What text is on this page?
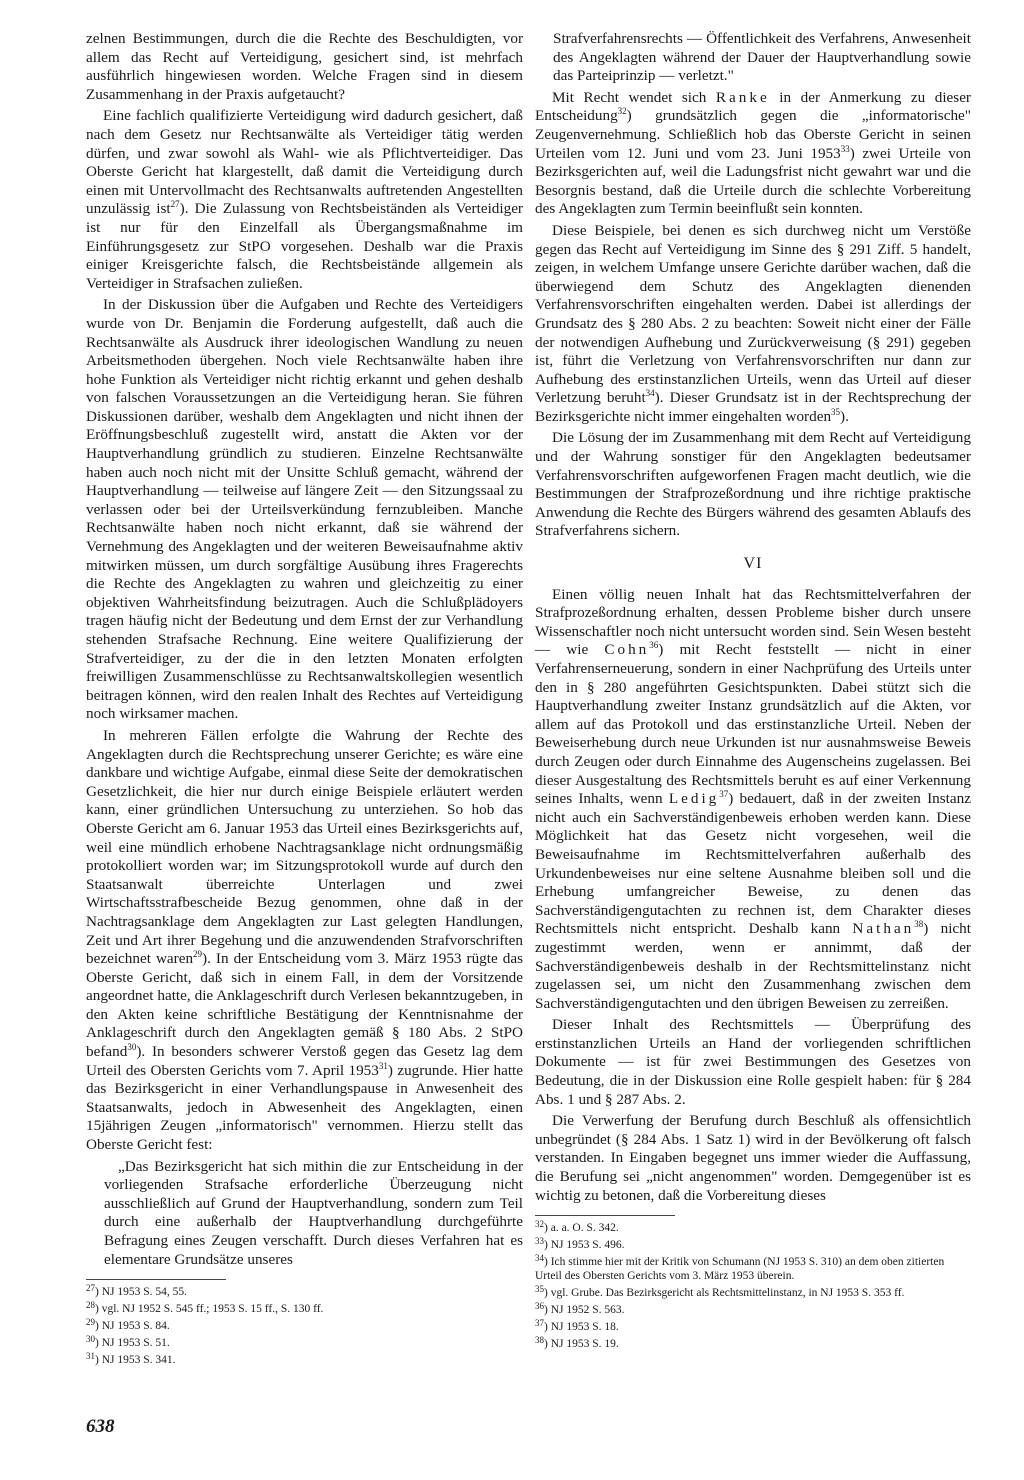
zelnen Bestimmungen, durch die die Rechte des Beschuldigten, vor allem das Recht auf Verteidigung, gesichert sind, ist mehrfach ausführlich hingewiesen worden. Welche Fragen sind in diesem Zusammenhang in der Praxis aufgetaucht?

Eine fachlich qualifizierte Verteidigung wird dadurch gesichert, daß nach dem Gesetz nur Rechtsanwälte als Verteidiger tätig werden dürfen, und zwar sowohl als Wahl- wie als Pflichtverteidiger. Das Oberste Gericht hat klargestellt, daß damit die Verteidigung durch einen mit Untervollmacht des Rechtsanwalts auftretenden Angestellten unzulässig ist$^{27}$). Die Zulassung von Rechtsbeiständen als Verteidiger ist nur für den Einzelfall als Übergangsmaßnahme im Einführungsgesetz zur StPO vorgesehen. Deshalb war die Praxis einiger Kreisgerichte falsch, die Rechtsbeistände allgemein als Verteidiger in Strafsachen zuließen.

In der Diskussion über die Aufgaben und Rechte des Verteidigers wurde von Dr. Benjamin die Forderung aufgestellt, daß auch die Rechtsanwälte als Ausdruck ihrer ideologischen Wandlung zu neuen Arbeitsmethoden übergehen. Noch viele Rechtsanwälte haben ihre hohe Funktion als Verteidiger nicht richtig erkannt und gehen deshalb von falschen Voraussetzungen an die Verteidigung heran. Sie führen Diskussionen darüber, weshalb dem Angeklagten und nicht ihnen der Eröffnungsbeschluß zugestellt wird, anstatt die Akten vor der Hauptverhandlung gründlich zu studieren. Einzelne Rechtsanwälte haben auch noch nicht mit der Unsitte Schluß gemacht, während der Hauptverhandlung — teilweise auf längere Zeit — den Sitzungssaal zu verlassen oder bei der Urteilsverkündung fernzubleiben. Manche Rechtsanwälte haben noch nicht erkannt, daß sie während der Vernehmung des Angeklagten und der weiteren Beweisaufnahme aktiv mitwirken müssen, um durch sorgfältige Ausübung ihres Fragerechts die Rechte des Angeklagten zu wahren und gleichzeitig zu einer objektiven Wahrheitsfindung beizutragen. Auch die Schlußplädoyers tragen häufig nicht der Bedeutung und dem Ernst der zur Verhandlung stehenden Strafsache Rechnung. Eine weitere Qualifizierung der Strafverteidiger, zu der die in den letzten Monaten erfolgten freiwilligen Zusammenschlüsse zu Rechtsanwaltskollegien wesentlich beitragen können, wird den realen Inhalt des Rechtes auf Verteidigung noch wirksamer machen.

In mehreren Fällen erfolgte die Wahrung der Rechte des Angeklagten durch die Rechtsprechung unserer Gerichte; es wäre eine dankbare und wichtige Aufgabe, einmal diese Seite der demokratischen Gesetzlichkeit, die hier nur durch einige Beispiele erläutert werden kann, einer gründlichen Untersuchung zu unterziehen. So hob das Oberste Gericht am 6. Januar 1953 das Urteil eines Bezirksgerichts auf, weil eine mündlich erhobene Nachtragsanklage nicht ordnungsmäßig protokolliert worden war; im Sitzungsprotokoll wurde auf durch den Staatsanwalt überreichte Unterlagen und zwei Wirtschaftsstrafbescheide Bezug genommen, ohne daß in der Nachtragsanklage dem Angeklagten zur Last gelegten Handlungen, Zeit und Art ihrer Begehung und die anzuwendenden Strafvorschriften bezeichnet waren$^{29}$). In der Entscheidung vom 3. März 1953 rügte das Oberste Gericht, daß sich in einem Fall, in dem der Vorsitzende angeordnet hatte, die Anklageschrift durch Verlesen bekanntzugeben, in den Akten keine schriftliche Bestätigung der Kenntnisnahme der Anklageschrift durch den Angeklagten gemäß § 180 Abs. 2 StPO befand$^{30}$). In besonders schwerer Verstoß gegen das Gesetz lag dem Urteil des Obersten Gerichts vom 7. April 1953$^{31}$) zugrunde. Hier hatte das Bezirksgericht in einer Verhandlungspause in Anwesenheit des Staatsanwalts, jedoch in Abwesenheit des Angeklagten, einen 15jährigen Zeugen „informatorisch" vernommen. Hierzu stellt das Oberste Gericht fest:

„Das Bezirksgericht hat sich mithin die zur Entscheidung in der vorliegenden Strafsache erforderliche Überzeugung nicht ausschließlich auf Grund der Hauptverhandlung, sondern zum Teil durch eine außerhalb der Hauptverhandlung durchgeführte Befragung eines Zeugen verschafft. Durch dieses Verfahren hat es elementare Grundsätze unseres

$^{27}$) NJ 1953 S. 54, 55.

$^{28}$) vgl. NJ 1952 S. 545 ff.; 1953 S. 15 ff., S. 130 ff.

$^{29}$) NJ 1953 S. 84.

$^{30}$) NJ 1953 S. 51.

$^{31}$) NJ 1953 S. 341.

Strafverfahrensrechts — Öffentlichkeit des Verfahrens, Anwesenheit des Angeklagten während der Dauer der Hauptverhandlung sowie das Parteiprinzip — verletzt."

Mit Recht wendet sich Ranke in der Anmerkung zu dieser Entscheidung$^{32}$) grundsätzlich gegen die „informatorische" Zeugenvernehmung. Schließlich hob das Oberste Gericht in seinen Urteilen vom 12. Juni und vom 23. Juni 1953$^{33}$) zwei Urteile von Bezirksgerichten auf, weil die Ladungsfrist nicht gewahrt war und die Besorgnis bestand, daß die Urteile durch die schlechte Vorbereitung des Angeklagten zum Termin beeinflußt sein konnten.

Diese Beispiele, bei denen es sich durchweg nicht um Verstöße gegen das Recht auf Verteidigung im Sinne des § 291 Ziff. 5 handelt, zeigen, in welchem Umfange unsere Gerichte darüber wachen, daß die überwiegend dem Schutz des Angeklagten dienenden Verfahrensvorschriften eingehalten werden. Dabei ist allerdings der Grundsatz des § 280 Abs. 2 zu beachten: Soweit nicht einer der Fälle der notwendigen Aufhebung und Zurückverweisung (§ 291) gegeben ist, führt die Verletzung von Verfahrensvorschriften nur dann zur Aufhebung des erstinstanzlichen Urteils, wenn das Urteil auf dieser Verletzung beruht$^{34}$). Dieser Grundsatz ist in der Rechtsprechung der Bezirksgerichte nicht immer eingehalten worden$^{35}$).

Die Lösung der im Zusammenhang mit dem Recht auf Verteidigung und der Wahrung sonstiger für den Angeklagten bedeutsamer Verfahrensvorschriften aufgeworfenen Fragen macht deutlich, wie die Bestimmungen der Strafprozeßordnung und ihre richtige praktische Anwendung die Rechte des Bürgers während des gesamten Ablaufs des Strafverfahrens sichern.

VI

Einen völlig neuen Inhalt hat das Rechtsmittelverfahren der Strafprozeßordnung erhalten, dessen Probleme bisher durch unsere Wissenschaftler noch nicht untersucht worden sind. Sein Wesen besteht — wie Cohn$^{36}$) mit Recht feststellt — nicht in einer Verfahrenserneuerung, sondern in einer Nachprüfung des Urteils unter den in § 280 angeführten Gesichtspunkten. Dabei stützt sich die Hauptverhandlung zweiter Instanz grundsätzlich auf die Akten, vor allem auf das Protokoll und das erstinstanzliche Urteil. Neben der Beweiserhebung durch neue Urkunden ist nur ausnahmsweise Beweis durch Zeugen oder durch Einnahme des Augenscheins zugelassen. Bei dieser Ausgestaltung des Rechtsmittels beruht es auf einer Verkennung seines Inhalts, wenn Ledig$^{37}$) bedauert, daß in der zweiten Instanz nicht auch ein Sachverständigenbeweis erhoben werden kann. Diese Möglichkeit hat das Gesetz nicht vorgesehen, weil die Beweisaufnahme im Rechtsmittelverfahren außerhalb des Urkundenbeweises nur eine seltene Ausnahme bleiben soll und die Erhebung umfangreicher Beweise, zu denen das Sachverständigengutachten zu rechnen ist, dem Charakter dieses Rechtsmittels nicht entspricht. Deshalb kann Nathan$^{38}$) nicht zugestimmt werden, wenn er annimmt, daß der Sachverständigenbeweis deshalb in der Rechtsmittelinstanz nicht zugelassen sei, um nicht den Zusammenhang zwischen dem Sachverständigengutachten und den übrigen Beweisen zu zerreißen.

Dieser Inhalt des Rechtsmittels — Überprüfung des erstinstanzlichen Urteils an Hand der vorliegenden schriftlichen Dokumente — ist für zwei Bestimmungen des Gesetzes von Bedeutung, die in der Diskussion eine Rolle gespielt haben: für § 284 Abs. 1 und § 287 Abs. 2.

Die Verwerfung der Berufung durch Beschluß als offensichtlich unbegründet (§ 284 Abs. 1 Satz 1) wird in der Bevölkerung oft falsch verstanden. In Eingaben begegnet uns immer wieder die Auffassung, die Berufung sei „nicht angenommen" worden. Demgegenüber ist es wichtig zu betonen, daß die Vorbereitung dieses

$^{32}$) a. a. O. S. 342.

$^{33}$) NJ 1953 S. 496.

$^{34}$) Ich stimme hier mit der Kritik von Schumann (NJ 1953 S. 310) an dem oben zitierten Urteil des Obersten Gerichts vom 3. März 1953 überein.

$^{35}$) vgl. Grube. Das Bezirksgericht als Rechtsmittelinstanz, in NJ 1953 S. 353 ff.

$^{36}$) NJ 1952 S. 563.

$^{37}$) NJ 1953 S. 18.

$^{38}$) NJ 1953 S. 19.

638
